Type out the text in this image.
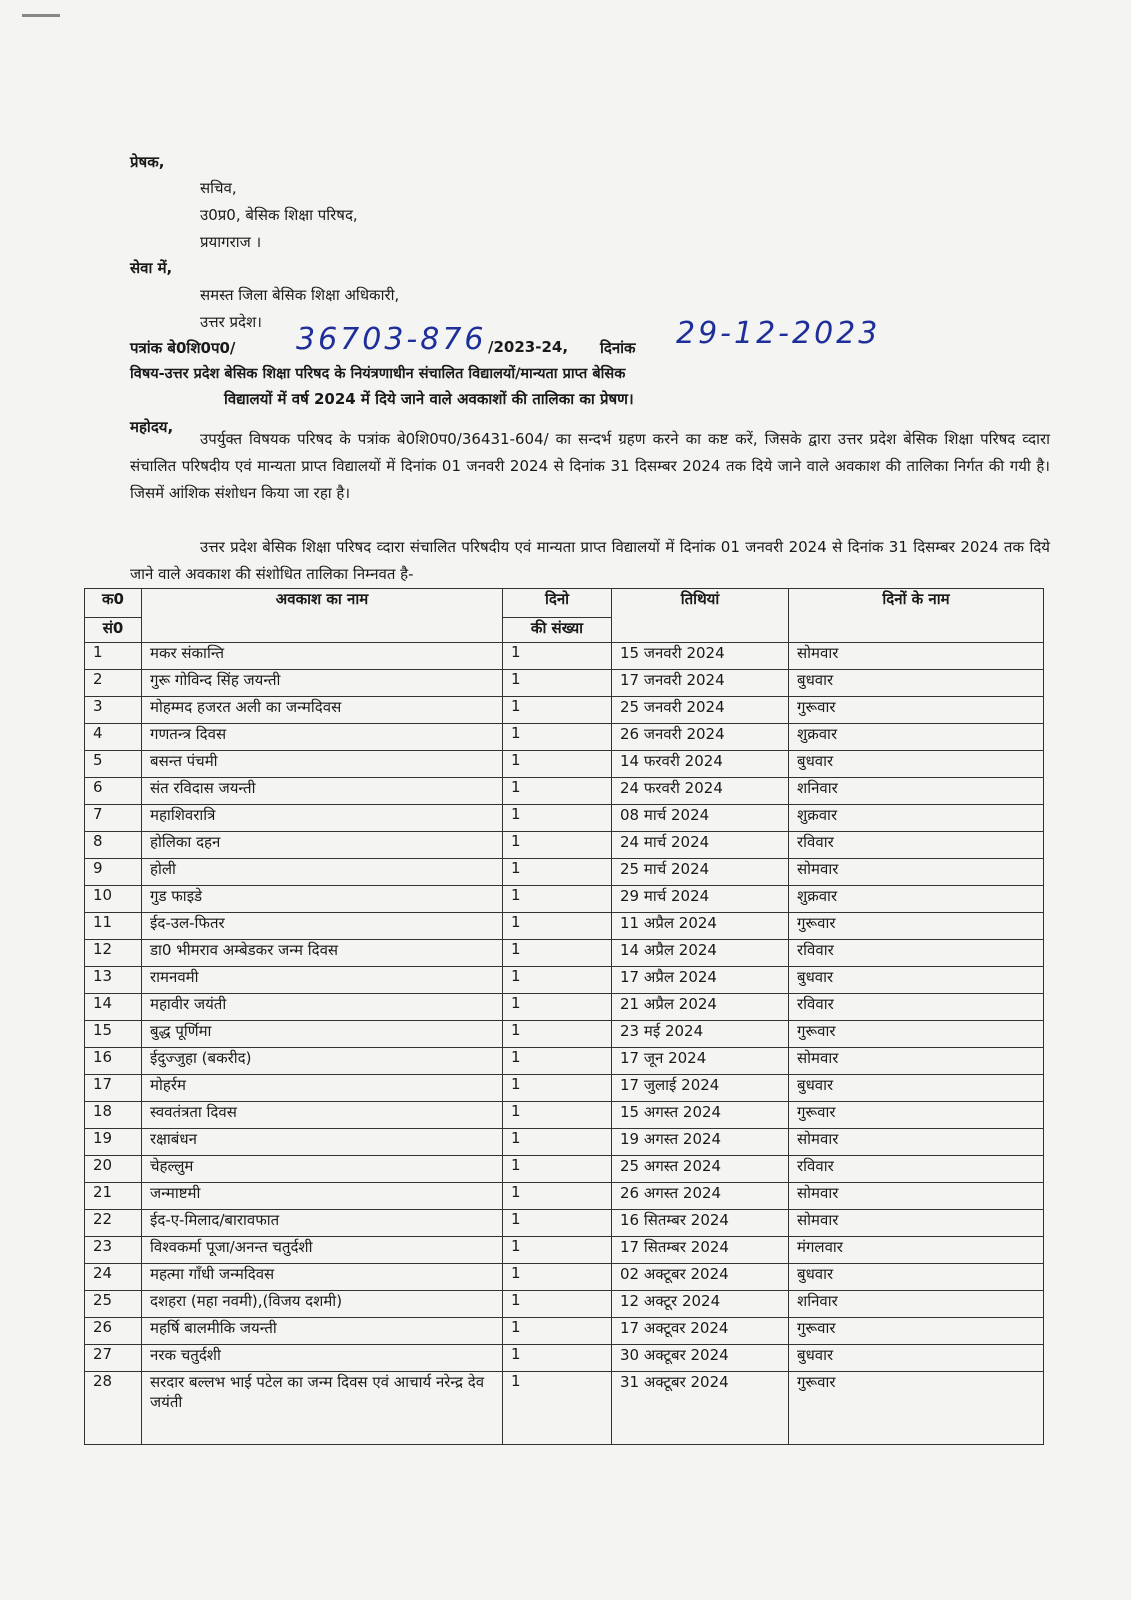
प्रेषक,
सचिव,
उ0प्र0, बेसिक शिक्षा परिषद,
प्रयागराज ।
सेवा में,
समस्त जिला बेसिक शिक्षा अधिकारी,
उत्तर प्रदेश।
पत्रांक बे0शि0प0/ 36703-876 /2023-24, दिनांक 29-12-2023
विषय-उत्तर प्रदेश बेसिक शिक्षा परिषद के नियंत्रणाधीन संचालित विद्यालयों/मान्यता प्राप्त बेसिक
विद्यालयों में वर्ष 2024 में दिये जाने वाले अवकाशों की तालिका का प्रेषण।
महोदय,
उपर्युक्त विषयक परिषद के पत्रांक बे0शि0प0/36431-604/ का सन्दर्भ ग्रहण करने का कष्ट करें, जिसके द्वारा उत्तर प्रदेश बेसिक शिक्षा परिषद व्दारा संचालित परिषदीय एवं मान्यता प्राप्त विद्यालयों में दिनांक 01 जनवरी 2024 से दिनांक 31 दिसम्बर 2024 तक दिये जाने वाले अवकाश की तालिका निर्गत की गयी है। जिसमें आंशिक संशोधन किया जा रहा है।
उत्तर प्रदेश बेसिक शिक्षा परिषद व्दारा संचालित परिषदीय एवं मान्यता प्राप्त विद्यालयों में दिनांक 01 जनवरी 2024 से दिनांक 31 दिसम्बर 2024 तक दिये जाने वाले अवकाश की संशोधित तालिका निम्नवत है-
क0	अवकाश का नाम	दिनो	तिथियां	दिनों के नाम
सं0		की संख्या		
1	मकर संकान्ति	1	15 जनवरी 2024	सोमवार
2	गुरू गोविन्द सिंह जयन्ती	1	17 जनवरी 2024	बुधवार
3	मोहम्मद हजरत अली का जन्मदिवस	1	25 जनवरी 2024	गुरूवार
4	गणतन्त्र दिवस	1	26 जनवरी 2024	शुक्रवार
5	बसन्त पंचमी	1	14 फरवरी 2024	बुधवार
6	संत रविदास जयन्ती	1	24 फरवरी 2024	शनिवार
7	महाशिवरात्रि	1	08 मार्च 2024	शुक्रवार
8	होलिका दहन	1	24 मार्च 2024	रविवार
9	होली	1	25 मार्च 2024	सोमवार
10	गुड फाइडे	1	29 मार्च 2024	शुक्रवार
11	ईद-उल-फितर	1	11 अप्रैल 2024	गुरूवार
12	डा0 भीमराव अम्बेडकर जन्म दिवस	1	14 अप्रैल 2024	रविवार
13	रामनवमी	1	17 अप्रैल 2024	बुधवार
14	महावीर जयंती	1	21 अप्रैल 2024	रविवार
15	बुद्ध पूर्णिमा	1	23 मई 2024	गुरूवार
16	ईदुज्जुहा (बकरीद)	1	17 जून 2024	सोमवार
17	मोहर्रम	1	17 जुलाई 2024	बुधवार
18	स्ववतंत्रता दिवस	1	15 अगस्त 2024	गुरूवार
19	रक्षाबंधन	1	19 अगस्त 2024	सोमवार
20	चेहल्लुम	1	25 अगस्त 2024	रविवार
21	जन्माष्टमी	1	26 अगस्त 2024	सोमवार
22	ईद-ए-मिलाद/बारावफात	1	16 सितम्बर 2024	सोमवार
23	विश्वकर्मा पूजा/अनन्त चतुर्दशी	1	17 सितम्बर 2024	मंगलवार
24	महत्मा गाँधी जन्मदिवस	1	02 अक्टूबर 2024	बुधवार
25	दशहरा (महा नवमी),(विजय दशमी)	1	12 अक्टूर 2024	शनिवार
26	महर्षि बालमीकि जयन्ती	1	17 अक्टूवर 2024	गुरूवार
27	नरक चतुर्दशी	1	30 अक्टूबर 2024	बुधवार
28	सरदार बल्लभ भाई पटेल का जन्म दिवस एवं आचार्य नरेन्द्र देव जयंती	1	31 अक्टूबर 2024	गुरूवार
